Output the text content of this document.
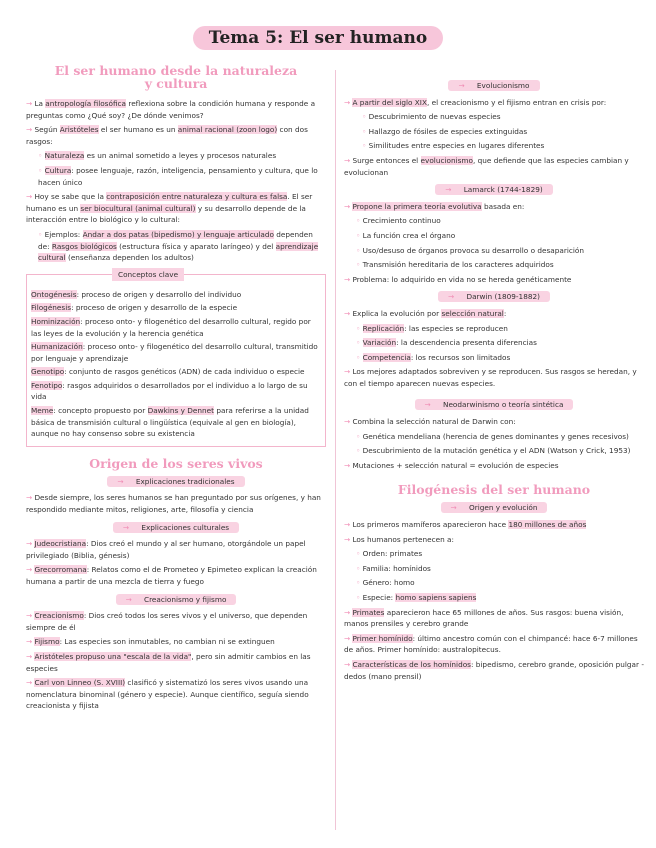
Tema 5: El ser humano
El ser humano desde la naturaleza
y cultura

→ La antropología filosófica reflexiona sobre la condición humana y responde a preguntas como ¿Qué soy? ¿De dónde venimos?

→ Según Aristóteles el ser humano es un animal racional (zoon logo) con dos rasgos:

◦ Naturaleza es un animal sometido a leyes y procesos naturales

◦ Cultura: posee lenguaje, razón, inteligencia, pensamiento y cultura, que lo hacen único

→ Hoy se sabe que la contraposición entre naturaleza y cultura es falsa. El ser humano es un ser biocultural (animal cultural) y su desarrollo depende de la interacción entre lo biológico y lo cultural:

◦ Ejemplos: Andar a dos patas (bipedismo) y lenguaje articulado dependen de: Rasgos biológicos (estructura física y aparato laríngeo) y del aprendizaje cultural (enseñanza dependen los adultos)

Conceptos clave

Ontogénesis: proceso de origen y desarrollo del individuo

Filogénesis: proceso de origen y desarrollo de la especie

Hominización: proceso onto- y filogenético del desarrollo cultural, regido por las leyes de la evolución y la herencia genética

Humanización: proceso onto- y filogenético del desarrollo cultural, transmitido por lenguaje y aprendizaje

Genotipo: conjunto de rasgos genéticos (ADN) de cada individuo o especie

Fenotipo: rasgos adquiridos o desarrollados por el individuo a lo largo de su vida

Meme: concepto propuesto por Dawkins y Dennet para referirse a la unidad básica de transmisión cultural o lingüística (equivale al gen en biología), aunque no hay consenso sobre su existencia

Origen de los seres vivos
→ Explicaciones tradicionales

→ Desde siempre, los seres humanos se han preguntado por sus orígenes, y han respondido mediante mitos, religiones, arte, filosofía y ciencia

→ Explicaciones culturales

→ Judeocristiana: Dios creó el mundo y al ser humano, otorgándole un papel privilegiado (Biblia, génesis)

→ Grecorromana: Relatos como el de Prometeo y Epimeteo explican la creación humana a partir de una mezcla de tierra y fuego

→ Creacionismo y fijismo

→ Creacionismo: Dios creó todos los seres vivos y el universo, que dependen siempre de él

→ Fijismo: Las especies son inmutables, no cambian ni se extinguen

→ Aristóteles propuso una "escala de la vida", pero sin admitir cambios en las especies

→ Carl von Linneo (S. XVIII) clasificó y sistematizó los seres vivos usando una nomenclatura binominal (género y especie). Aunque científico, seguía siendo creacionista y fijista

→ Evolucionismo

→ A partir del siglo XIX, el creacionismo y el fijismo entran en crisis por:

◦ Descubrimiento de nuevas especies

◦ Hallazgo de fósiles de especies extinguidas

◦ Similitudes entre especies en lugares diferentes

→ Surge entonces el evolucionismo, que defiende que las especies cambian y evolucionan

→ Lamarck (1744-1829)

→ Propone la primera teoría evolutiva basada en:

◦ Crecimiento continuo

◦ La función crea el órgano

◦ Uso/desuso de órganos provoca su desarrollo o desaparición

◦ Transmisión hereditaria de los caracteres adquiridos

→ Problema: lo adquirido en vida no se hereda genéticamente

→ Darwin (1809-1882)

→ Explica la evolución por selección natural:

◦ Replicación: las especies se reproducen

◦ Variación: la descendencia presenta diferencias

◦ Competencia: los recursos son limitados

→ Los mejores adaptados sobreviven y se reproducen. Sus rasgos se heredan, y con el tiempo aparecen nuevas especies.

→ Neodarwinismo o teoría sintética

→ Combina la selección natural de Darwin con:

◦ Genética mendeliana (herencia de genes dominantes y genes recesivos)

◦ Descubrimiento de la mutación genética y el ADN (Watson y Crick, 1953)

→ Mutaciones + selección natural = evolución de especies

Filogénesis del ser humano
→ Origen y evolución

→ Los primeros mamíferos aparecieron hace 180 millones de años

→ Los humanos pertenecen a:

◦ Orden: primates

◦ Familia: homínidos

◦ Género: homo

◦ Especie: homo sapiens sapiens

→ Primates aparecieron hace 65 millones de años. Sus rasgos: buena visión, manos prensiles y cerebro grande

→ Primer homínido: último ancestro común con el chimpancé: hace 6-7 millones de años. Primer homínido: australopitecus.

→ Características de los homínidos: bipedismo, cerebro grande, oposición pulgar - dedos (mano prensil)
